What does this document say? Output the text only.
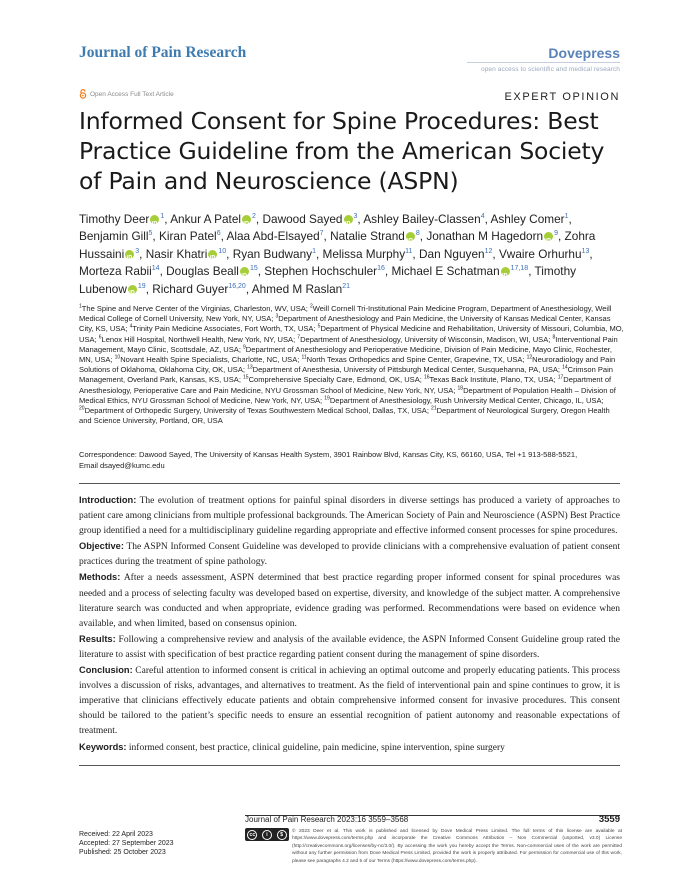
Journal of Pain Research	Dovepress
open access to scientific and medical research
Open Access Full Text Article	EXPERT OPINION
Informed Consent for Spine Procedures: Best Practice Guideline from the American Society of Pain and Neuroscience (ASPN)
Timothy Deer iD $^1$, Ankur A Patel iD $^2$, Dawood Sayed iD $^3$, Ashley Bailey-Classen$^4$, Ashley Comer$^1$, Benjamin Gill$^5$, Kiran Patel$^6$, Alaa Abd-Elsayed$^7$, Natalie Strand iD $^8$, Jonathan M Hagedorn iD $^9$, Zohra Hussaini iD $^3$, Nasir Khatri iD $^{10}$, Ryan Budwany$^1$, Melissa Murphy$^{11}$, Dan Nguyen$^{12}$, Vwaire Orhurhu$^{13}$, Morteza Rabii$^{14}$, Douglas Beall iD $^{15}$, Stephen Hochschuler$^{16}$, Michael E Schatman iD $^{17,18}$, Timothy Lubenow iD $^{19}$, Richard Guyer$^{16,20}$, Ahmed M Raslan$^{21}$
$^1$The Spine and Nerve Center of the Virginias, Charleston, WV, USA; $^2$Weill Cornell Tri-Institutional Pain Medicine Program, Department of Anesthesiology, Weill Medical College of Cornell University, New York, NY, USA; $^3$Department of Anesthesiology and Pain Medicine, the University of Kansas Medical Center, Kansas City, KS, USA; $^4$Trinity Pain Medicine Associates, Fort Worth, TX, USA; $^5$Department of Physical Medicine and Rehabilitation, University of Missouri, Columbia, MO, USA; $^6$Lenox Hill Hospital, Northwell Health, New York, NY, USA; $^7$Department of Anesthesiology, University of Wisconsin, Madison, WI, USA; $^8$Interventional Pain Management, Mayo Clinic, Scottsdale, AZ, USA; $^9$Department of Anesthesiology and Perioperative Medicine, Division of Pain Medicine, Mayo Clinic, Rochester, MN, USA; $^{10}$Novant Health Spine Specialists, Charlotte, NC, USA; $^{11}$North Texas Orthopedics and Spine Center, Grapevine, TX, USA; $^{12}$Neuroradiology and Pain Solutions of Oklahoma, Oklahoma City, OK, USA; $^{13}$Department of Anesthesia, University of Pittsburgh Medical Center, Susquehanna, PA, USA; $^{14}$Crimson Pain Management, Overland Park, Kansas, KS, USA; $^{15}$Comprehensive Specialty Care, Edmond, OK, USA; $^{16}$Texas Back Institute, Plano, TX, USA; $^{17}$Department of Anesthesiology, Perioperative Care and Pain Medicine, NYU Grossman School of Medicine, New York, NY, USA; $^{18}$Department of Population Health – Division of Medical Ethics, NYU Grossman School of Medicine, New York, NY, USA; $^{19}$Department of Anesthesiology, Rush University Medical Center, Chicago, IL, USA; $^{20}$Department of Orthopedic Surgery, University of Texas Southwestern Medical School, Dallas, TX, USA; $^{21}$Department of Neurological Surgery, Oregon Health and Science University, Portland, OR, USA
Correspondence: Dawood Sayed, The University of Kansas Health System, 3901 Rainbow Blvd, Kansas City, KS, 66160, USA, Tel +1 913-588-5521,
Email dsayed@kumc.edu

Introduction: The evolution of treatment options for painful spinal disorders in diverse settings has produced a variety of approaches to patient care among clinicians from multiple professional backgrounds. The American Society of Pain and Neuroscience (ASPN) Best Practice group identified a need for a multidisciplinary guideline regarding appropriate and effective informed consent processes for spine procedures.

Objective: The ASPN Informed Consent Guideline was developed to provide clinicians with a comprehensive evaluation of patient consent practices during the treatment of spine pathology.

Methods: After a needs assessment, ASPN determined that best practice regarding proper informed consent for spinal procedures was needed and a process of selecting faculty was developed based on expertise, diversity, and knowledge of the subject matter. A comprehensive literature search was conducted and when appropriate, evidence grading was performed. Recommendations were based on evidence when available, and when limited, based on consensus opinion.

Results: Following a comprehensive review and analysis of the available evidence, the ASPN Informed Consent Guideline group rated the literature to assist with specification of best practice regarding patient consent during the management of spine disorders.

Conclusion: Careful attention to informed consent is critical in achieving an optimal outcome and properly educating patients. This process involves a discussion of risks, advantages, and alternatives to treatment. As the field of interventional pain and spine continues to grow, it is imperative that clinicians effectively educate patients and obtain comprehensive informed consent for invasive procedures. This consent should be tailored to the patient’s specific needs to ensure an essential recognition of patient autonomy and reasonable expectations of treatment.

Keywords: informed consent, best practice, clinical guideline, pain medicine, spine intervention, spine surgery

Journal of Pain Research 2023:16 3559–3568	3559
Received: 22 April 2023
Accepted: 27 September 2023
Published: 25 October 2023
cc	i	$	© 2023 Deer et al. This work is published and licensed by Dove Medical Press Limited. The full terms of this license are available at https://www.dovepress.com/terms.php and incorporate the Creative Commons Attribution – Non Commercial (unported, v3.0) License (http://creativecommons.org/licenses/by-nc/3.0/). By accessing the work you hereby accept the Terms. Non-commercial uses of the work are permitted without any further permission from Dove Medical Press Limited, provided the work is properly attributed. For permission for commercial use of this work, please see paragraphs 4.2 and 5 of our Terms (https://www.dovepress.com/terms.php).
